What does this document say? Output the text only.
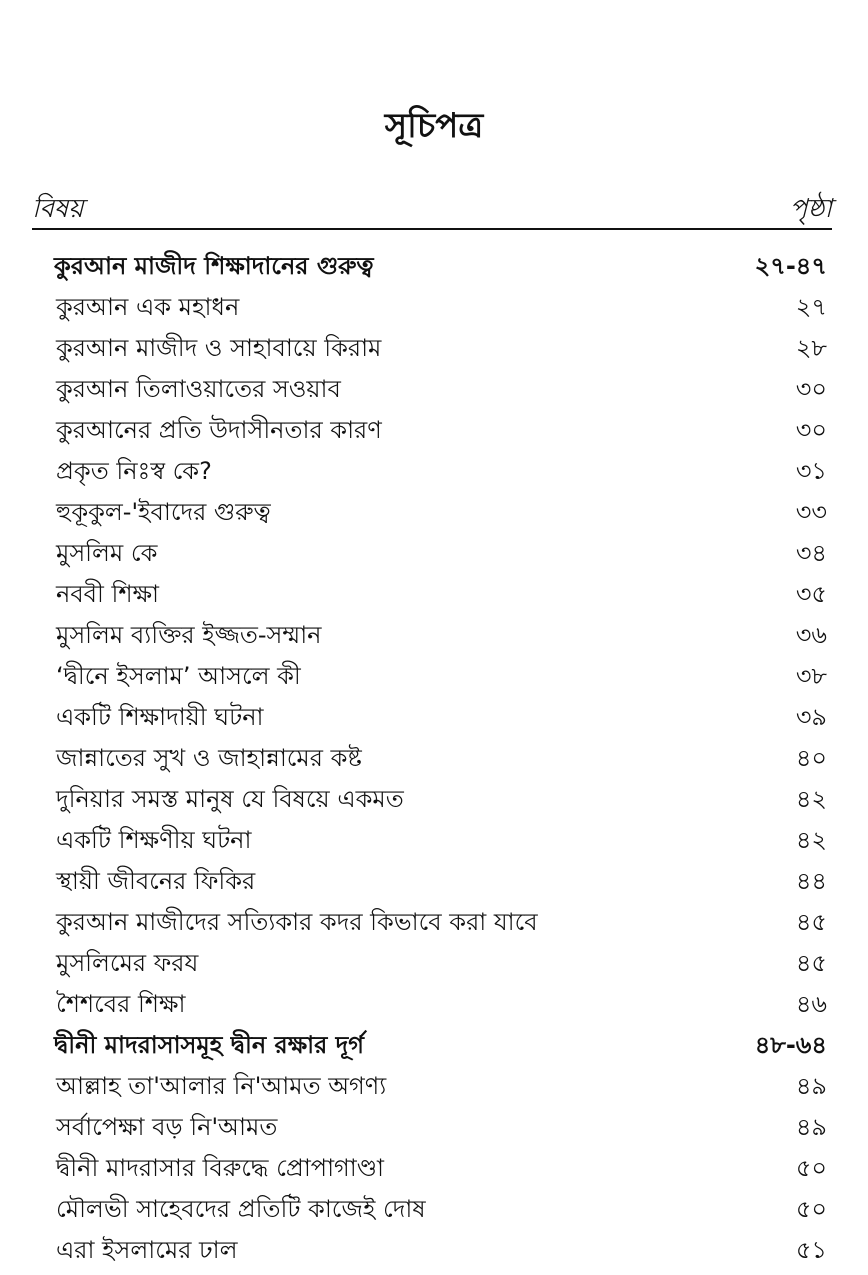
সূচিপত্র
বিষয়	পৃষ্ঠা
কুরআন মাজীদ শিক্ষাদানের গুরুত্ব	২৭-৪৭
কুরআন এক মহাধন	২৭
কুরআন মাজীদ ও সাহাবায়ে কিরাম	২৮
কুরআন তিলাওয়াতের সওয়াব	৩০
কুরআনের প্রতি উদাসীনতার কারণ	৩০
প্রকৃত নিঃস্ব কে?	৩১
হুকূকুল-'ইবাদের গুরুত্ব	৩৩
মুসলিম কে	৩৪
নববী শিক্ষা	৩৫
মুসলিম ব্যক্তির ইজ্জত-সম্মান	৩৬
‘দ্বীনে ইসলাম’ আসলে কী	৩৮
একটি শিক্ষাদায়ী ঘটনা	৩৯
জান্নাতের সুখ ও জাহান্নামের কষ্ট	৪০
দুনিয়ার সমস্ত মানুষ যে বিষয়ে একমত	৪২
একটি শিক্ষণীয় ঘটনা	৪২
স্থায়ী জীবনের ফিকির	৪৪
কুরআন মাজীদের সত্যিকার কদর কিভাবে করা যাবে	৪৫
মুসলিমের ফরয	৪৫
শৈশবের শিক্ষা	৪৬
দ্বীনী মাদরাসাসমূহ দ্বীন রক্ষার দূর্গ	৪৮-৬৪
আল্লাহ তা'আলার নি'আমত অগণ্য	৪৯
সর্বাপেক্ষা বড় নি'আমত	৪৯
দ্বীনী মাদরাসার বিরুদ্ধে প্রোপাগাণ্ডা	৫০
মৌলভী সাহেবদের প্রতিটি কাজেই দোষ	৫০
এরা ইসলামের ঢাল	৫১
